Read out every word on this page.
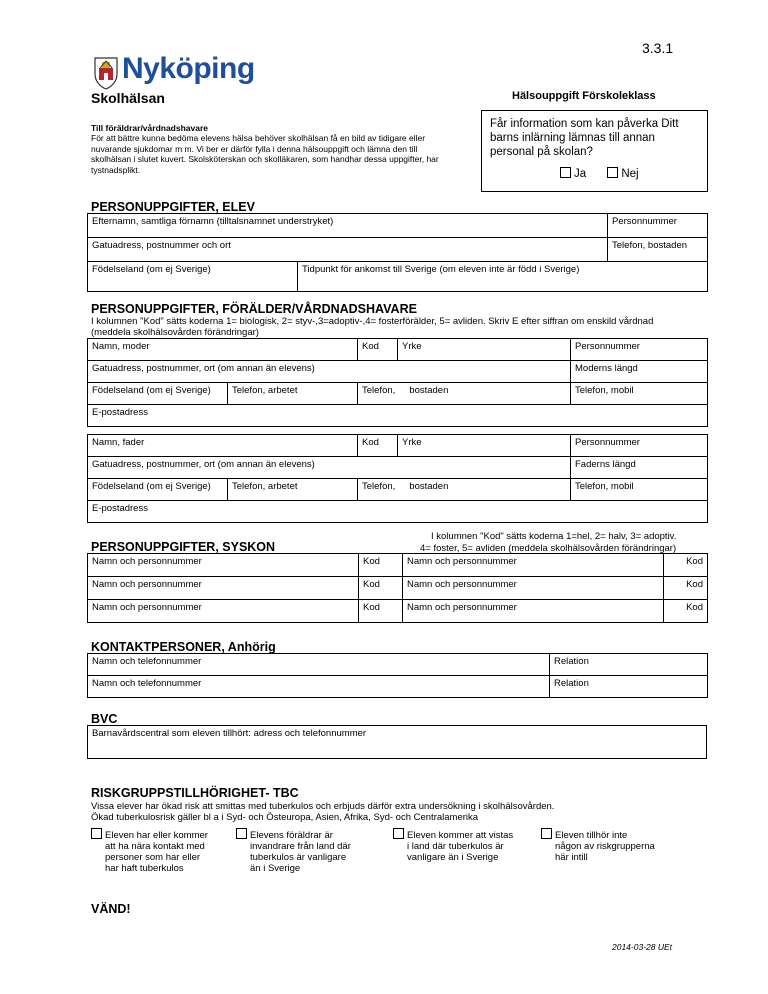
3.3.1
Nyköping
Skolhälsan	Hälsouppgift Förskoleklass
Till föräldrar/vårdnadshavare
För att bättre kunna bedöma elevens hälsa behöver skolhälsan få en bild av tidigare eller nuvarande sjukdomar m m. Vi ber er därför fylla i denna hälsouppgift och lämna den till skolhälsan i slutet kuvert. Skolsköterskan och skolläkaren, som handhar dessa uppgifter, har tystnadsplikt.
Får information som kan påverka Ditt barns inlärning lämnas till annan personal på skolan?
Ja	Nej
PERSONUPPGIFTER, ELEV
Efternamn, samtliga förnamn (tilltalsnamnet understryket)		Personnummer
Gatuadress, postnummer och ort		Telefon, bostaden
Födelseland (om ej Sverige)	Tidpunkt för ankomst till Sverige (om eleven inte är född i Sverige)	
PERSONUPPGIFTER, FÖRÄLDER/VÅRDNADSHAVARE
I kolumnen "Kod" sätts koderna 1= biologisk, 2= styv-,3=adoptiv-,4= fosterförälder, 5= avliden. Skriv E efter siffran om enskild vårdnad (meddela skolhälsovården förändringar)
Namn, moder		Kod	Yrke	Personnummer
Gatuadress, postnummer, ort (om annan än elevens)				Moderns längd
Födelseland (om ej Sverige)	Telefon, arbetet	Telefon, bostaden		Telefon, mobil
E-postadress				
Namn, fader		Kod	Yrke	Personnummer
Gatuadress, postnummer, ort (om annan än elevens)				Faderns längd
Födelseland (om ej Sverige)	Telefon, arbetet	Telefon, bostaden		Telefon, mobil
E-postadress				
I kolumnen "Kod" sätts koderna 1=hel, 2= halv, 3= adoptiv.
PERSONUPPGIFTER, SYSKON	4= foster, 5= avliden (meddela skolhälsovården förändringar)
Namn och personnummer	Kod	Namn och personnummer	Kod
Namn och personnummer	Kod	Namn och personnummer	Kod
Namn och personnummer	Kod	Namn och personnummer	Kod
KONTAKTPERSONER, Anhörig
Namn och telefonnummer	Relation
Namn och telefonnummer	Relation
BVC
Barnavårdscentral som eleven tillhört: adress och telefonnummer
RISKGRUPPSTILLHÖRIGHET- TBC
Vissa elever har ökad risk att smittas med tuberkulos och erbjuds därför extra undersökning i skolhälsovården.
Ökad tuberkulosrisk gäller bl a i Syd- och Östeuropa, Asien, Afrika, Syd- och Centralamerika
Eleven har eller kommer
att ha nära kontakt med
personer som har eller
har haft tuberkulos
Elevens föräldrar är
invandrare från land där
tuberkulos är vanligare
än i Sverige
Eleven kommer att vistas
i land där tuberkulos är
vanligare än i Sverige
Eleven tillhör inte
någon av riskgrupperna
här intill
VÄND!
2014-03-28 UEt
